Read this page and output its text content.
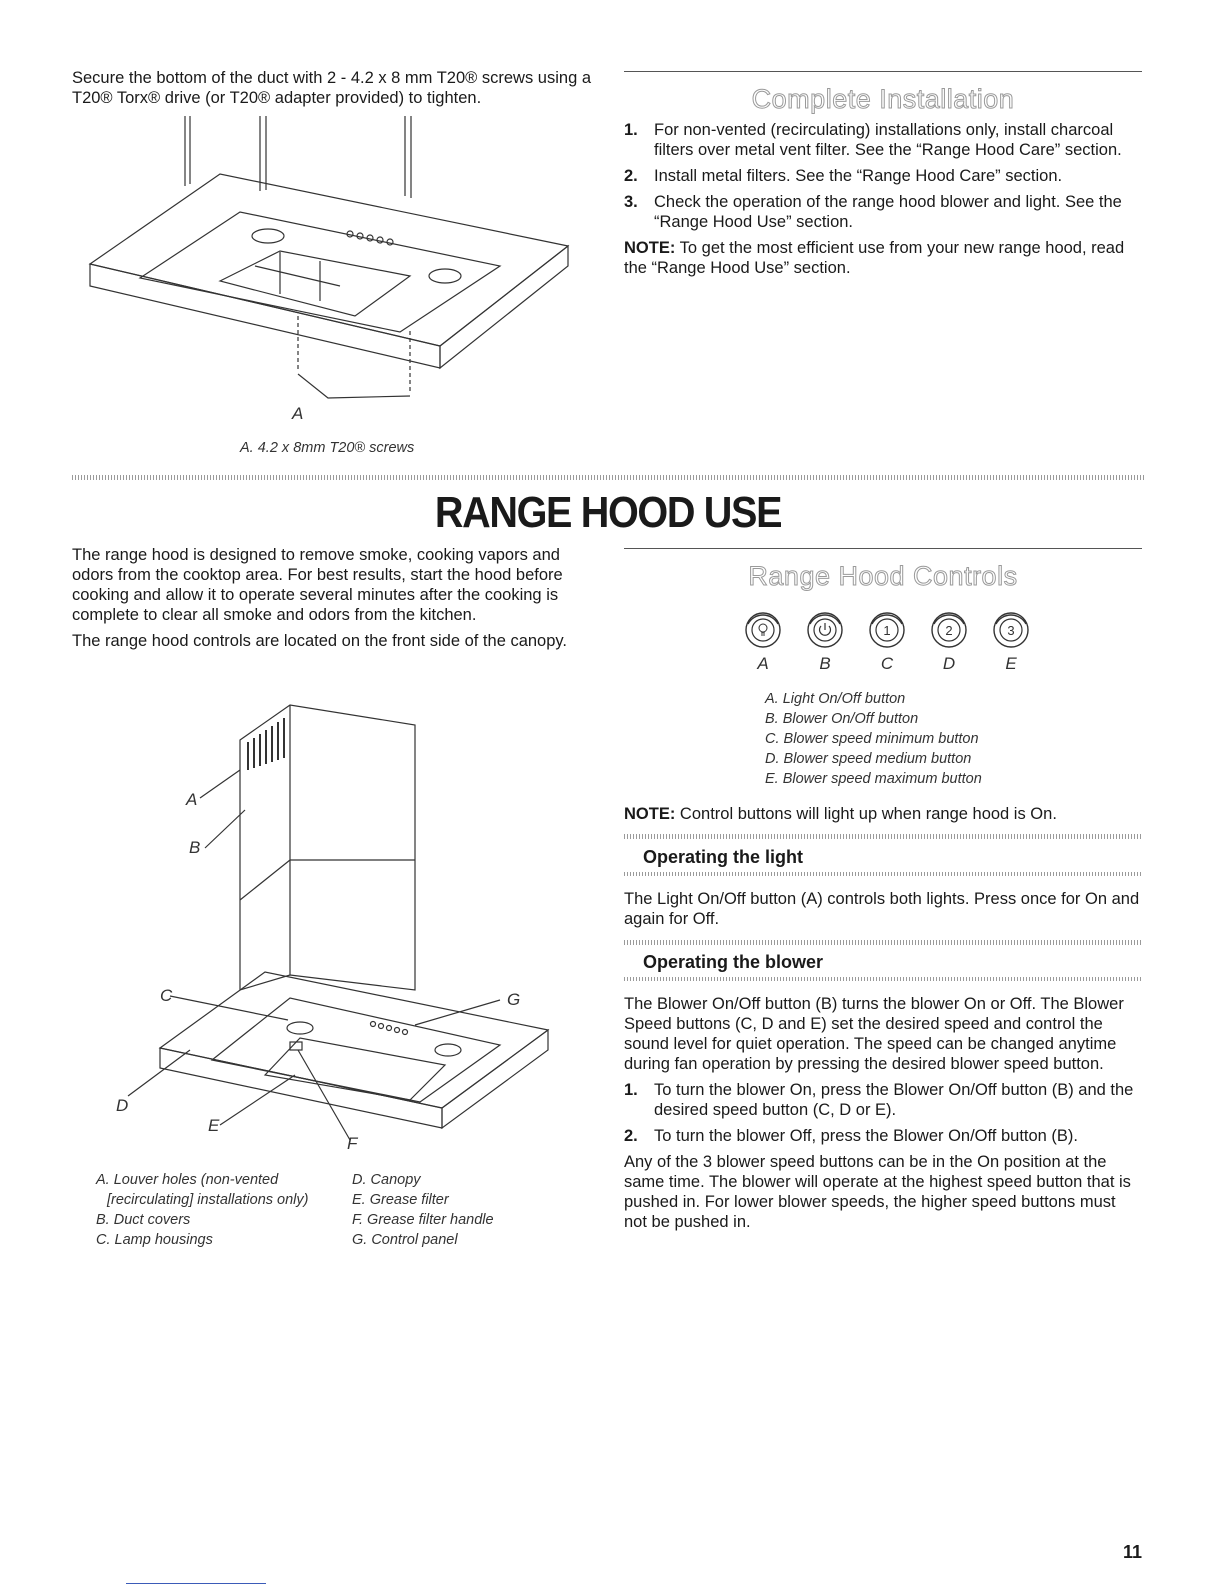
Secure the bottom of the duct with 2 - 4.2 x 8 mm T20® screws using a T20® Torx® drive (or T20® adapter provided) to tighten.

A
A. 4.2 x 8mm T20® screws
Complete Installation
1. For non-vented (recirculating) installations only, install charcoal filters over metal vent filter. See the “Range Hood Care” section.
2. Install metal filters. See the “Range Hood Care” section.
3. Check the operation of the range hood blower and light. See the “Range Hood Use” section.

NOTE: To get the most efficient use from your new range hood, read the “Range Hood Use” section.

RANGE HOOD USE

The range hood is designed to remove smoke, cooking vapors and odors from the cooktop area. For best results, start the hood before cooking and allow it to operate several minutes after the cooking is complete to clear all smoke and odors from the kitchen.

The range hood controls are located on the front side of the canopy.

A
B
C	G
D
E
F
A. Louver holes (non-vented
[recirculating] installations only)
B. Duct covers
C. Lamp housings
D. Canopy
E. Grease filter
F. Grease filter handle
G. Control panel
Range Hood Controls
A	B
1
C
2
D
3
E
A. Light On/Off button
B. Blower On/Off button
C. Blower speed minimum button
D. Blower speed medium button
E. Blower speed maximum button
NOTE: Control buttons will light up when range hood is On.
Operating the light
The Light On/Off button (A) controls both lights. Press once for On and again for Off.
Operating the blower

The Blower On/Off button (B) turns the blower On or Off. The Blower Speed buttons (C, D and E) set the desired speed and control the sound level for quiet operation. The speed can be changed anytime during fan operation by pressing the desired blower speed button.

1. To turn the blower On, press the Blower On/Off button (B) and the desired speed button (C, D or E).
2. To turn the blower Off, press the Blower On/Off button (B).

Any of the 3 blower speed buttons can be in the On position at the same time. The blower will operate at the highest speed button that is pushed in. For lower blower speeds, the higher speed buttons must not be pushed in.

11
